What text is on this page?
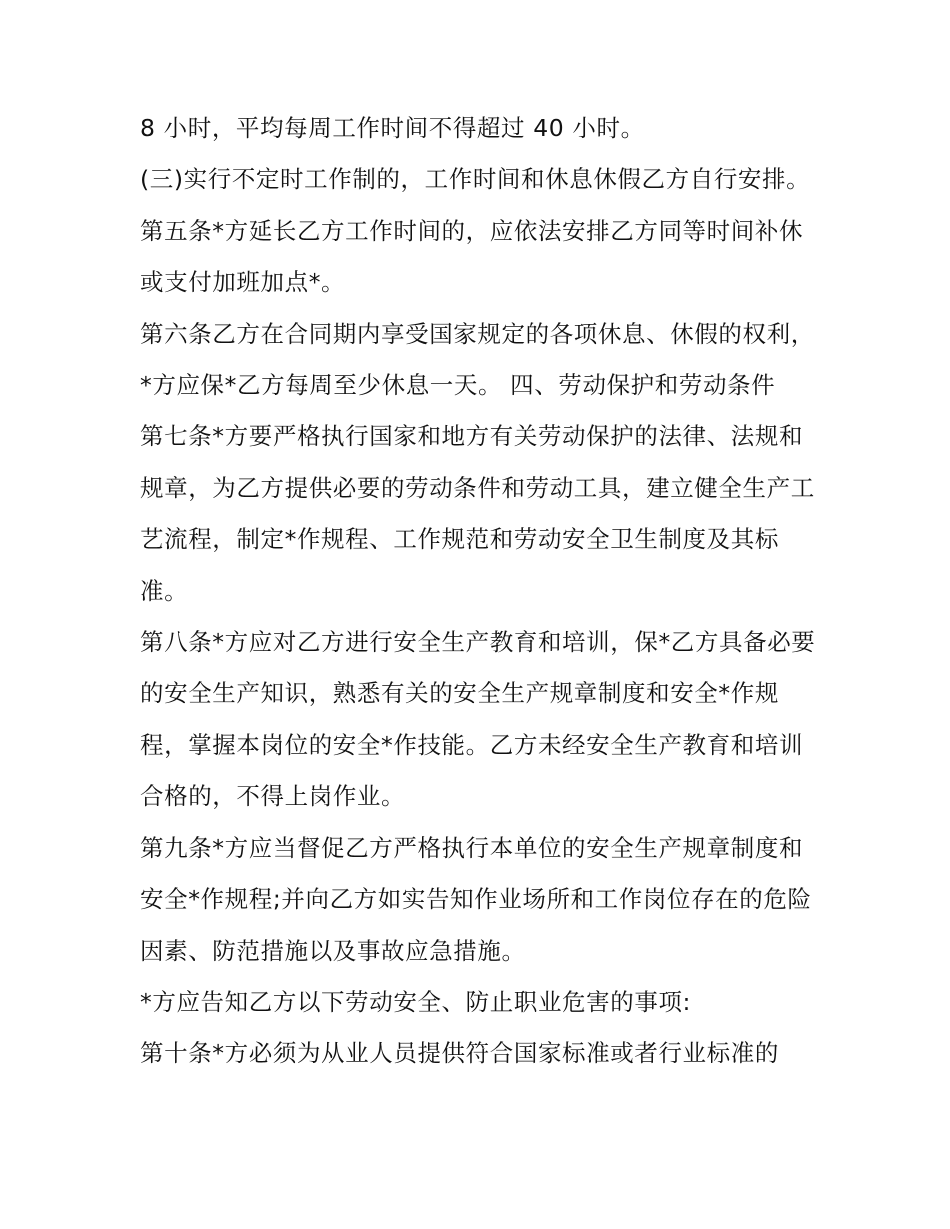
8 小时，平均每周工作时间不得超过 40 小时。

(三)实行不定时工作制的，工作时间和休息休假乙方自行安排。 第五条*方延长乙方工作时间的，应依法安排乙方同等时间补休或支付加班加点*。

第六条乙方在合同期内享受国家规定的各项休息、休假的权利，*方应保*乙方每周至少休息一天。 四、劳动保护和劳动条件

第七条*方要严格执行国家和地方有关劳动保护的法律、法规和规章，为乙方提供必要的劳动条件和劳动工具，建立健全生产工艺流程，制定*作规程、工作规范和劳动安全卫生制度及其标准。

第八条*方应对乙方进行安全生产教育和培训，保*乙方具备必要的安全生产知识，熟悉有关的安全生产规章制度和安全*作规程，掌握本岗位的安全*作技能。乙方未经安全生产教育和培训合格的，不得上岗作业。

第九条*方应当督促乙方严格执行本单位的安全生产规章制度和安全*作规程;并向乙方如实告知作业场所和工作岗位存在的危险因素、防范措施以及事故应急措施。

*方应告知乙方以下劳动安全、防止职业危害的事项:

第十条*方必须为从业人员提供符合国家标准或者行业标准的
